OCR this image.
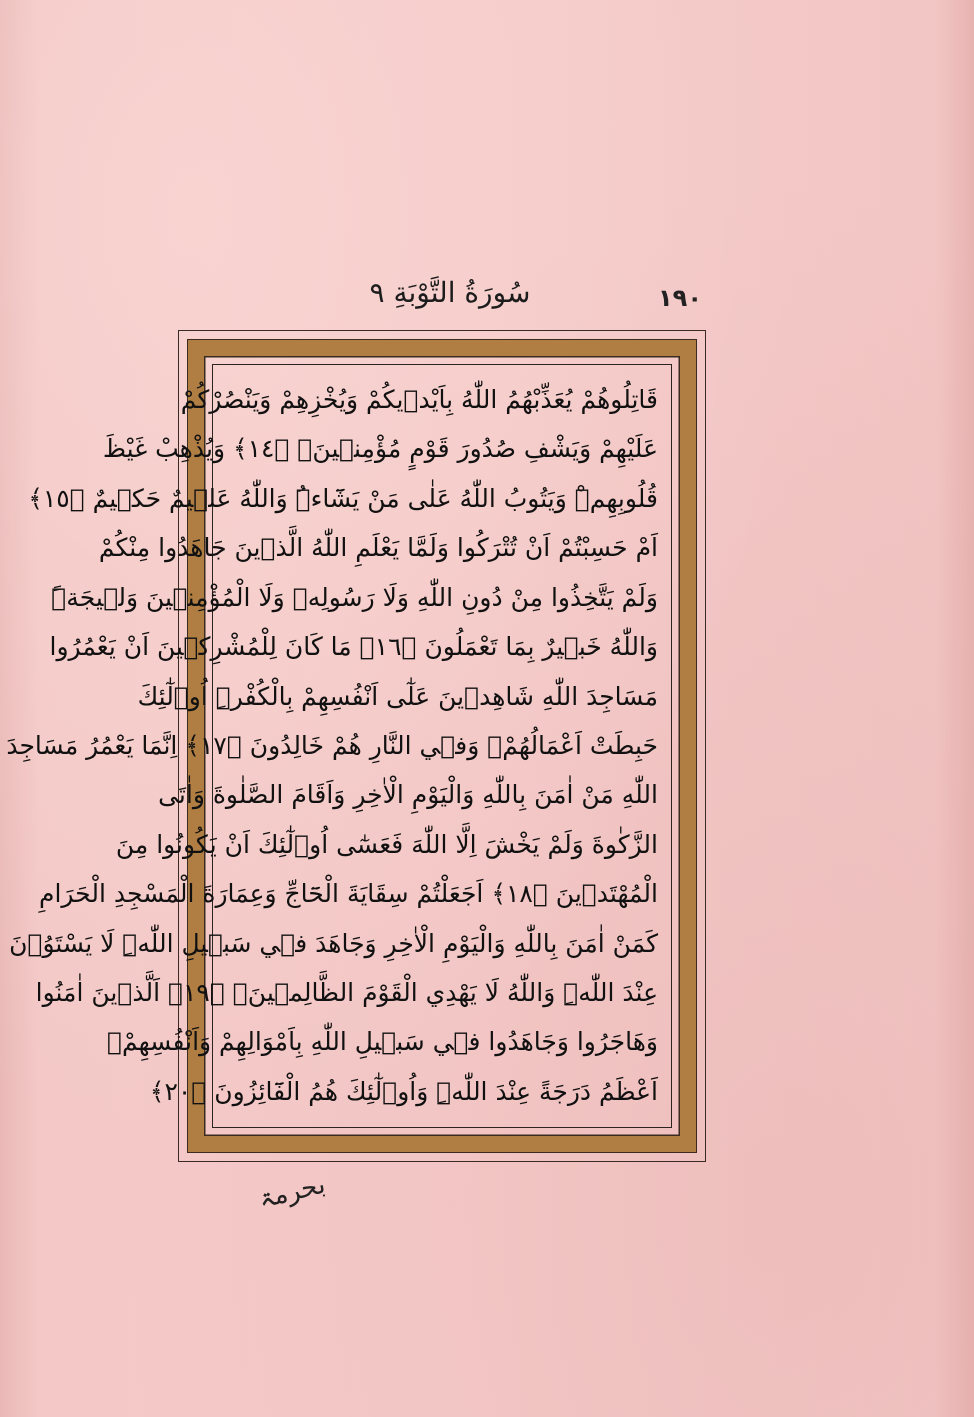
١٩٠
سُورَةُ التَّوْبَةِ ٩
قَاتِلُوهُمْ يُعَذِّبْهُمُ اللّٰهُ بِاَيْد۪يكُمْ وَيُخْزِهِمْ وَيَنْصُرْكُمْ
عَلَيْهِمْ وَيَشْفِ صُدُورَ قَوْمٍ مُؤْمِن۪ينَۙ ﴿١٤﴾ وَيُذْهِبْ غَيْظَ
قُلُوبِهِمْۜ وَيَتُوبُ اللّٰهُ عَلٰى مَنْ يَشَٓاءُۜ وَاللّٰهُ عَل۪يمٌ حَك۪يمٌ ﴿١٥﴾
اَمْ حَسِبْتُمْ اَنْ تُتْرَكُوا وَلَمَّا يَعْلَمِ اللّٰهُ الَّذ۪ينَ جَاهَدُوا مِنْكُمْ
وَلَمْ يَتَّخِذُوا مِنْ دُونِ اللّٰهِ وَلَا رَسُولِه۪ وَلَا الْمُؤْمِن۪ينَ وَل۪يجَةًۜ
وَاللّٰهُ خَب۪يرٌ بِمَا تَعْمَلُونَ ﴿١٦﴾ مَا كَانَ لِلْمُشْرِك۪ينَ اَنْ يَعْمُرُوا
مَسَاجِدَ اللّٰهِ شَاهِد۪ينَ عَلٰٓى اَنْفُسِهِمْ بِالْكُفْرِۜ اُو۬لٰٓئِكَ
حَبِطَتْ اَعْمَالُهُمْۚ وَف۪ي النَّارِ هُمْ خَالِدُونَ ﴿١٧﴾ اِنَّمَا يَعْمُرُ مَسَاجِدَ
اللّٰهِ مَنْ اٰمَنَ بِاللّٰهِ وَالْيَوْمِ الْاٰخِرِ وَاَقَامَ الصَّلٰوةَ وَاٰتَى
الزَّكٰوةَ وَلَمْ يَخْشَ اِلَّا اللّٰهَ فَعَسٰٓى اُو۬لٰٓئِكَ اَنْ يَكُونُوا مِنَ
الْمُهْتَد۪ينَ ﴿١٨﴾ اَجَعَلْتُمْ سِقَايَةَ الْحَٓاجِّ وَعِمَارَةَ الْمَسْجِدِ الْحَرَامِ
كَمَنْ اٰمَنَ بِاللّٰهِ وَالْيَوْمِ الْاٰخِرِ وَجَاهَدَ ف۪ي سَب۪يلِ اللّٰهِۜ لَا يَسْتَوُ۫نَ
عِنْدَ اللّٰهِۜ وَاللّٰهُ لَا يَهْدِي الْقَوْمَ الظَّالِم۪ينَۢ ﴿١٩﴾ اَلَّذ۪ينَ اٰمَنُوا
وَهَاجَرُوا وَجَاهَدُوا ف۪ي سَب۪يلِ اللّٰهِ بِاَمْوَالِهِمْ وَاَنْفُسِهِمْۙ
اَعْظَمُ دَرَجَةً عِنْدَ اللّٰهِۜ وَاُو۬لٰٓئِكَ هُمُ الْفَٓائِزُونَ ﴿٢٠﴾
بحرمۃ
